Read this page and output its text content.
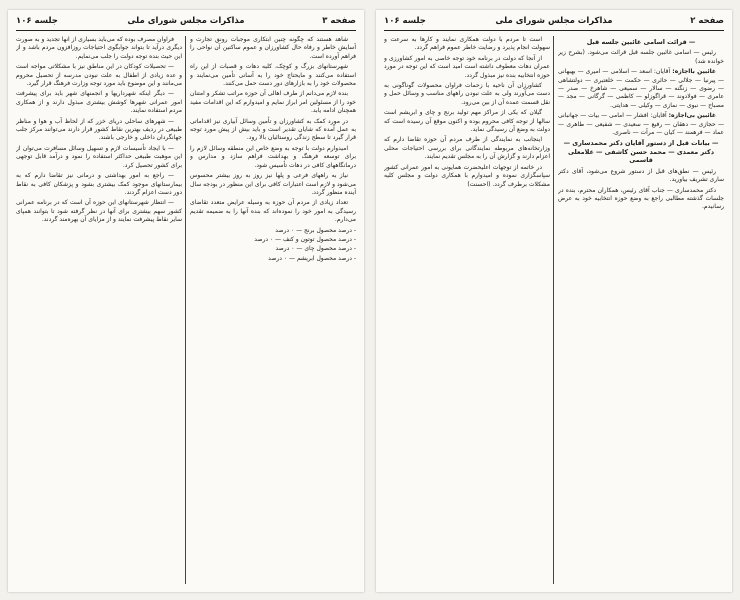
صفحه ۳
مذاکرات مجلس شورای ملی
جلسه ۱۰۶

شاهد هستند که چگونه چنین ابتکاری موجبات رونق تجارت و آسایش خاطر و رفاه حال کشاورزان و عموم ساکنین آن نواحی را فراهم آورده است.

شهرستانهای بزرگ و کوچک، کلیه دهات و قصبات از این راه استفاده می‌کنند و مایحتاج خود را به آسانی تأمین می‌نمایند و محصولات خود را به بازارهای دور دست حمل می‌کنند.

بنده لازم می‌دانم از طرف اهالی آن حوزه مراتب تشکر و امتنان خود را از مسئولین امر ابراز نمایم و امیدوارم که این اقدامات مفید همچنان ادامه یابد.

در مورد کمک به کشاورزان و تأمین وسائل آبیاری نیز اقداماتی به عمل آمده که شایان تقدیر است و باید بیش از پیش مورد توجه قرار گیرد تا سطح زندگی روستائیان بالا رود.

امیدوارم دولت با توجه به وضع خاص این منطقه وسائل لازم را برای توسعه فرهنگ و بهداشت فراهم سازد و مدارس و درمانگاههای کافی در دهات تأسیس شود.

نیاز به راههای فرعی و پلها نیز روز به روز بیشتر محسوس می‌شود و لازم است اعتبارات کافی برای این منظور در بودجه سال آینده منظور گردد.

تعداد زیادی از مردم آن حوزه به وسیله عرایض متعدد تقاضای رسیدگی به امور خود را نموده‌اند که بنده آنها را به ضمیمه تقدیم می‌دارم.

- درصد محصول برنج — ۰ درصد
- درصد محصول توتون و کنف — ۰ درصد
- درصد محصول چای — ۰ درصد
- درصد محصول ابریشم — ۰ درصد

فراوان مصرف بوده که می‌باید بسیاری از آنها تجدید و به صورت دیگری درآید تا بتواند جوابگوی احتیاجات روزافزون مردم باشد و از این حیث بنده توجه دولت را جلب می‌نمایم.

— تحصیلات کودکان در این مناطق نیز با مشکلاتی مواجه است و عده زیادی از اطفال به علت نبودن مدرسه از تحصیل محروم می‌مانند و این موضوع باید مورد توجه وزارت فرهنگ قرار گیرد.

— دیگر اینکه شهرداریها و انجمنهای شهر باید برای پیشرفت امور عمرانی شهرها کوشش بیشتری مبذول دارند و از همکاری مردم استفاده نمایند.

— شهرهای ساحلی دریای خزر که از لحاظ آب و هوا و مناظر طبیعی در ردیف بهترین نقاط کشور قرار دارند می‌توانند مرکز جلب جهانگردان داخلی و خارجی باشند.

— با ایجاد تأسیسات لازم و تسهیل وسائل مسافرت می‌توان از این موهبت طبیعی حداکثر استفاده را نمود و درآمد قابل توجهی برای کشور تحصیل کرد.

— راجع به امور بهداشتی و درمانی نیز تقاضا دارم که به بیمارستانهای موجود کمک بیشتری بشود و پزشکان کافی به نقاط دور دست اعزام گردند.

— انتظار شهرستانهای این حوزه آن است که در برنامه عمرانی کشور سهم بیشتری برای آنها در نظر گرفته شود تا بتوانند همپای سایر نقاط پیشرفت نمایند و از مزایای آن بهره‌مند گردند.

صفحه ۲
مذاکرات مجلس شورای ملی
جلسه ۱۰۶
— قرائت اسامی غائبین جلسه قبل

رئیس — اسامی غائبین جلسه قبل قرائت می‌شود. (بشرح زیر خوانده شد)

غائبین بااجازه: آقایان: اسعد — اسلامی — امیری — بهبهانی — پیرنیا — جلالی — حائری — حکمت — خلعتبری — دولتشاهی — رضوی — زنگنه — سالار — سمیعی — شاهرخ — صدر — عامری — فولادوند — قراگوزلو — کاظمی — گرگانی — مجد — مصباح — نبوی — نمازی — وکیلی — هدایتی.

غائبین بی‌اجازه: آقایان: افشار — امامی — بیات — جهانبانی — حجازی — دهقان — رفیع — سعیدی — شفیعی — طاهری — عماد — فرهمند — کیان — مرآت — ناصری.

— بیانات قبل از دستور آقایان دکتر محمدساری — دکتر معمدی — محمد حسن کاشفی — غلامعلی قاسمی

رئیس — نطق‌های قبل از دستور شروع می‌شود، آقای دکتر ساری تشریف بیاورید.

دکتر محمدساری — جناب آقای رئیس، همکاران محترم، بنده در جلسات گذشته مطالبی راجع به وضع حوزه انتخابیه خود به عرض رسانیدم.

است تا مردم با دولت همکاری نمایند و کارها به سرعت و سهولت انجام پذیرد و رضایت خاطر عموم فراهم گردد.

از آنجا که دولت در برنامه خود توجه خاصی به امور کشاورزی و عمران دهات معطوف داشته است امید است که این توجه در مورد حوزه انتخابیه بنده نیز مبذول گردد.

کشاورزان آن ناحیه با زحمات فراوان محصولات گوناگونی به دست می‌آورند ولی به علت نبودن راههای مناسب و وسائل حمل و نقل قسمت عمده آن از بین می‌رود.

گیلان که یکی از مراکز مهم تولید برنج و چای و ابریشم است سالها از توجه کافی محروم بوده و اکنون موقع آن رسیده است که دولت به وضع آن رسیدگی نماید.

اینجانب به نمایندگی از طرف مردم آن حوزه تقاضا دارم که وزارتخانه‌های مربوطه نمایندگانی برای بررسی احتیاجات محلی اعزام دارند و گزارش آن را به مجلس تقدیم نمایند.

در خاتمه از توجهات اعلیحضرت همایونی به امور عمرانی کشور سپاسگزاری نموده و امیدوارم با همکاری دولت و مجلس کلیه مشکلات برطرف گردد. (احسنت)
